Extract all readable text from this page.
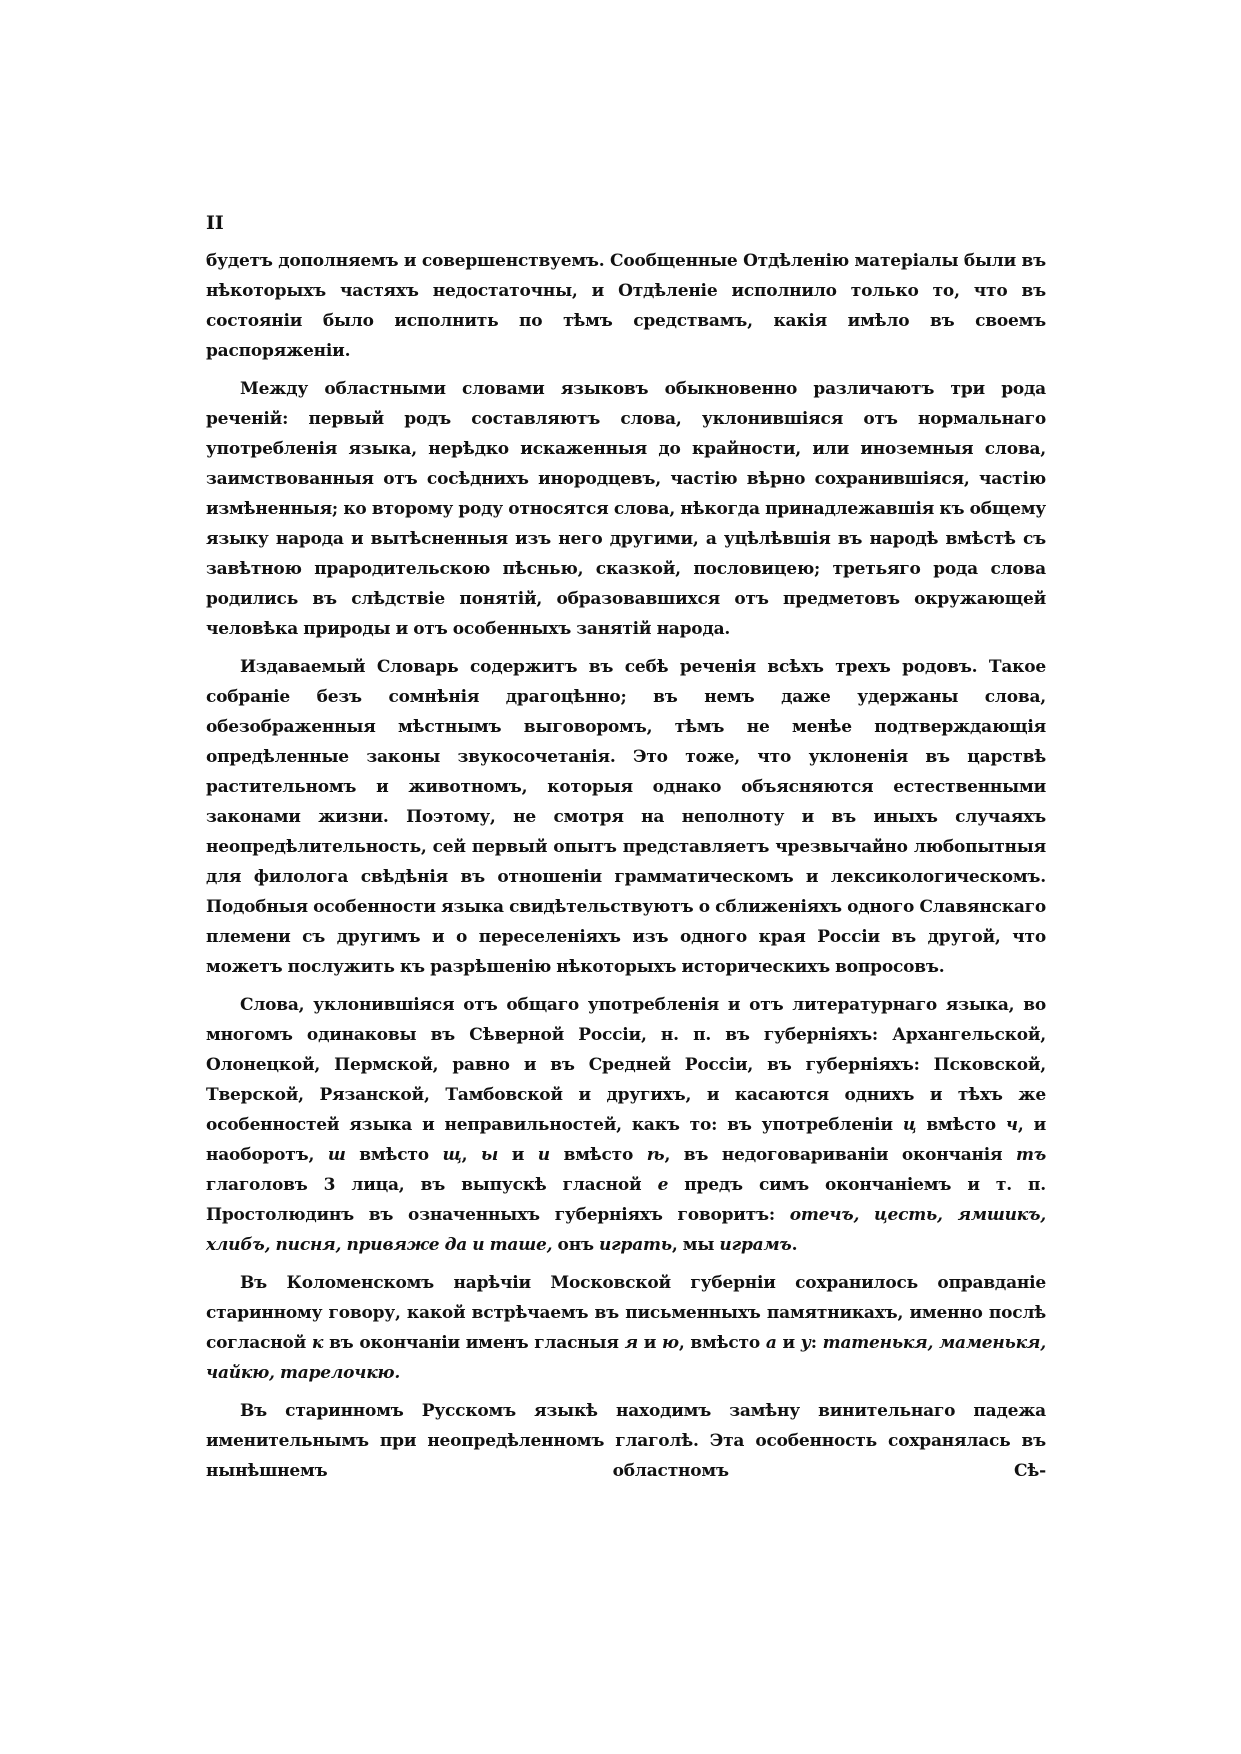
II

будетъ дополняемъ и совершенствуемъ. Сообщенные Отдѣленію матеріалы были въ нѣкоторыхъ частяхъ недостаточны, и Отдѣленіе исполнило только то, что въ состояніи было исполнить по тѣмъ средствамъ, какія имѣло въ своемъ распоряженіи.

Между областными словами языковъ обыкновенно различаютъ три рода реченій: первый родъ составляютъ слова, уклонившіяся отъ нормальнаго употребленія языка, нерѣдко искаженныя до крайности, или иноземныя слова, заимствованныя отъ сосѣднихъ инородцевъ, частію вѣрно сохранившіяся, частію измѣненныя; ко второму роду относятся слова, нѣкогда принадлежавшія къ общему языку народа и вытѣсненныя изъ него другими, а уцѣлѣвшія въ народѣ вмѣстѣ съ завѣтною прародительскою пѣснью, сказкой, пословицею; третьяго рода слова родились въ слѣдствіе понятій, образовавшихся отъ предметовъ окружающей человѣка природы и отъ особенныхъ занятій народа.

Издаваемый Словарь содержитъ въ себѣ реченія всѣхъ трехъ родовъ. Такое собраніе безъ сомнѣнія драгоцѣнно; въ немъ даже удержаны слова, обезображенныя мѣстнымъ выговоромъ, тѣмъ не менѣе подтверждающія опредѣленные законы звукосочетанія. Это тоже, что уклоненія въ царствѣ растительномъ и животномъ, которыя однако объясняются естественными законами жизни. Поэтому, не смотря на неполноту и въ иныхъ случаяхъ неопредѣлительность, сей первый опытъ представляетъ чрезвычайно любопытныя для филолога свѣдѣнія въ отношеніи грамматическомъ и лексикологическомъ. Подобныя особенности языка свидѣтельствуютъ о сближеніяхъ одного Славянскаго племени съ другимъ и о переселеніяхъ изъ одного края Россіи въ другой, что можетъ послужить къ разрѣшенію нѣкоторыхъ историческихъ вопросовъ.

Слова, уклонившіяся отъ общаго употребленія и отъ литературнаго языка, во многомъ одинаковы въ Сѣверной Россіи, н. п. въ губерніяхъ: Архангельской, Олонецкой, Пермской, равно и въ Средней Россіи, въ губерніяхъ: Псковской, Тверской, Рязанской, Тамбовской и другихъ, и касаются однихъ и тѣхъ же особенностей языка и неправильностей, какъ то: въ употребленіи ц вмѣсто ч, и наоборотъ, ш вмѣсто щ, ы и и вмѣсто ѣ, въ недоговариваніи окончанія тъ глаголовъ 3 лица, въ выпускѣ гласной е предъ симъ окончаніемъ и т. п. Простолюдинъ въ означенныхъ губерніяхъ говоритъ: отечъ, цесть, ямшикъ, хлибъ, писня, привяже да и таше, онъ играть, мы играмъ.

Въ Коломенскомъ нарѣчіи Московской губерніи сохранилось оправданіе старинному говору, какой встрѣчаемъ въ письменныхъ памятникахъ, именно послѣ согласной к въ окончаніи именъ гласныя я и ю, вмѣсто а и у: татенькя, маменькя, чайкю, тарелочкю.

Въ старинномъ Русскомъ языкѣ находимъ замѣну винительнаго падежа именительнымъ при неопредѣленномъ глаголѣ. Эта особенность сохранялась въ нынѣшнемъ областномъ Сѣ-
